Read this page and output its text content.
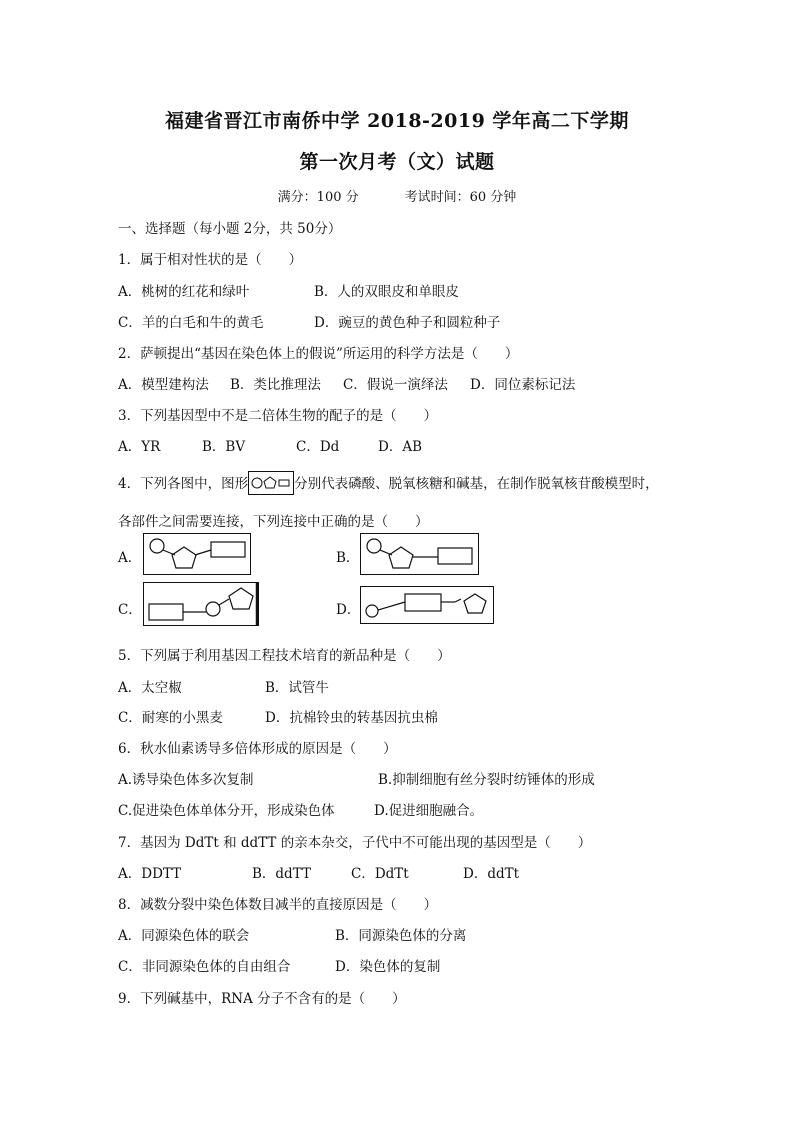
福建省晋江市南侨中学 2018-2019 学年高二下学期
第一次月考（文）试题
满分：100 分	考试时间：60 分钟
一、选择题（每小题 2分，共 50分）
1．属于相对性状的是（　　）
A．桃树的红花和绿叶	B．人的双眼皮和单眼皮
C．羊的白毛和牛的黄毛	D．豌豆的黄色种子和圆粒种子
2．萨顿提出“基因在染色体上的假说”所运用的科学方法是（　　）
A．模型建构法 B．类比推理法 C．假说一演绎法 D．同位素标记法
3．下列基因型中不是二倍体生物的配子的是（　　）
A．YR	B．BV	C．Dd	D．AB
4．下列各图中，图形	分别代表磷酸、脱氧核糖和碱基，在制作脱氧核苷酸模型时，
各部件之间需要连接，下列连接中正确的是（　　）
A．	B．
C．	D．
5．下列属于利用基因工程技术培育的新品种是（　　）
A．太空椒	B．试管牛
C．耐寒的小黑麦	D．抗棉铃虫的转基因抗虫棉
6．秋水仙素诱导多倍体形成的原因是（　　）
A.诱导染色体多次复制	B.抑制细胞有丝分裂时纺锤体的形成
C.促进染色体单体分开，形成染色体	D.促进细胞融合。
7．基因为 DdTt 和 ddTT 的亲本杂交，子代中不可能出现的基因型是（　　）
A．DDTT	B．ddTT	C．DdTt	D．ddTt
8．减数分裂中染色体数目减半的直接原因是（　　）
A．同源染色体的联会	B．同源染色体的分离
C．非同源染色体的自由组合	D．染色体的复制
9．下列碱基中，RNA 分子不含有的是（　　）
